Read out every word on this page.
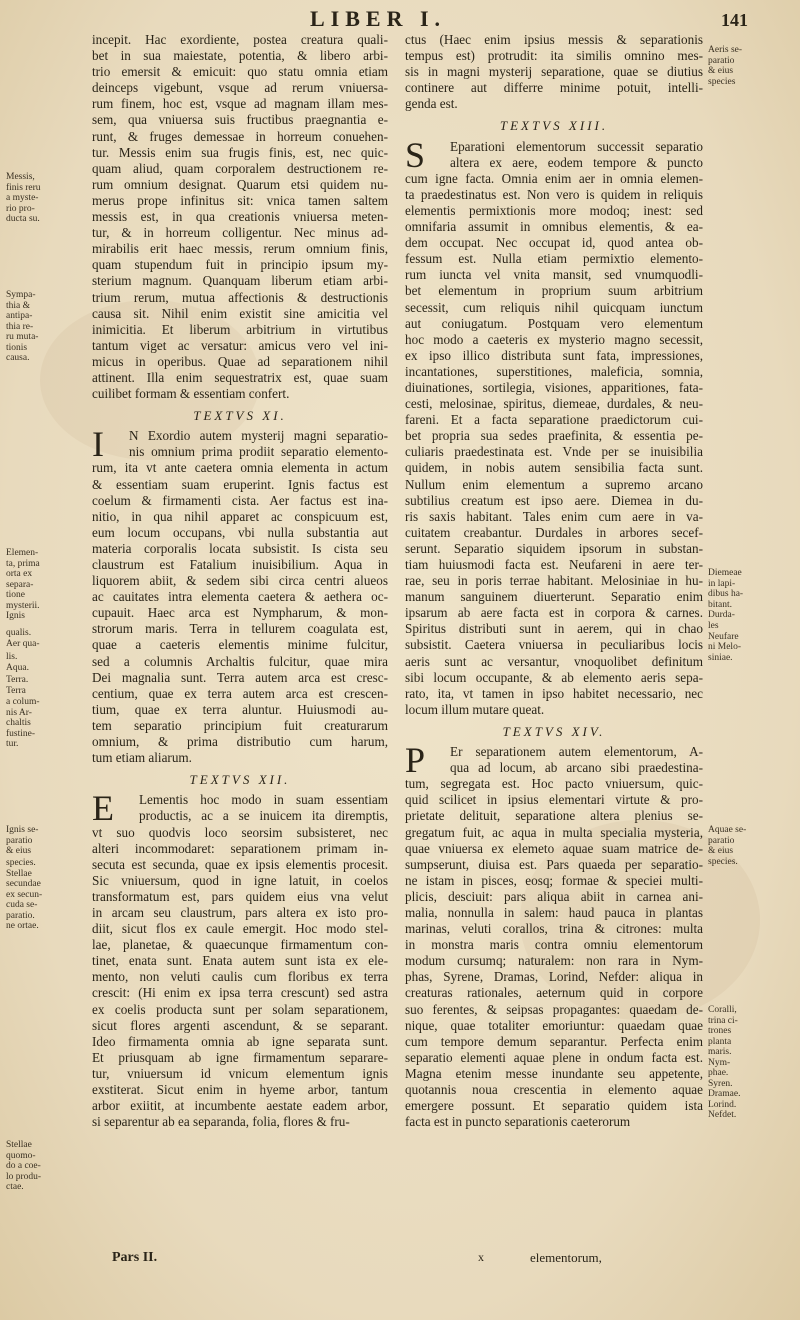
LIBER I.	141
incepit. Hac exordiente, postea creatura quali-
bet in sua maiestate, potentia, & libero arbi-
trio emersit & emicuit: quo statu omnia etiam
deinceps vigebunt, vsque ad rerum vniuersa-
rum finem, hoc est, vsque ad magnam illam mes-
sem, qua vniuersa suis fructibus praegnantia e-
runt, & fruges demessae in horreum conuehen-
tur. Messis enim sua frugis finis, est, nec quic-
quam aliud, quam corporalem destructionem re-
rum omnium designat. Quarum etsi quidem nu-
merus prope infinitus sit: vnica tamen saltem
messis est, in qua creationis vniuersa meten-
tur, & in horreum colligentur. Nec minus ad-
mirabilis erit haec messis, rerum omnium finis,
quam stupendum fuit in principio ipsum my-
sterium magnum. Quanquam liberum etiam arbi-
trium rerum, mutua affectionis & destructionis
causa sit. Nihil enim existit sine amicitia vel
inimicitia. Et liberum arbitrium in virtutibus
tantum viget ac versatur: amicus vero vel ini-
micus in operibus. Quae ad separationem nihil
attinent. Illa enim sequestratrix est, quae suam
cuilibet formam & essentiam confert.
TEXTVS XI.
I	N Exordio autem mysterij magni separatio-
nis omnium prima prodiit separatio elemento-
rum, ita vt ante caetera omnia elementa in actum
& essentiam suam eruperint. Ignis factus est
coelum & firmamenti cista. Aer factus est ina-
nitio, in qua nihil apparet ac conspicuum est,
eum locum occupans, vbi nulla substantia aut
materia corporalis locata subsistit. Is cista seu
claustrum est Fatalium inuisibilium. Aqua in
liquorem abiit, & sedem sibi circa centri alueos
ac cauitates intra elementa caetera & aethera oc-
cupauit. Haec arca est Nympharum, & mon-
strorum maris. Terra in tellurem coagulata est,
quae a caeteris elementis minime fulcitur,
sed a columnis Archaltis fulcitur, quae mira
Dei magnalia sunt. Terra autem arca est cresc-
centium, quae ex terra autem arca est crescen-
tium, quae ex terra aluntur. Huiusmodi au-
tem separatio principium fuit creaturarum
omnium, & prima distributio cum harum,
tum etiam aliarum.
TEXTVS XII.
E	Lementis hoc modo in suam essentiam
productis, ac a se inuicem ita diremptis,
vt suo quodvis loco seorsim subsisteret, nec
alteri incommodaret: separationem primam in-
secuta est secunda, quae ex ipsis elementis procesit.
Sic vniuersum, quod in igne latuit, in coelos
transformatum est, pars quidem eius vna velut
in arcam seu claustrum, pars altera ex isto pro-
diit, sicut flos ex caule emergit. Hoc modo stel-
lae, planetae, & quaecunque firmamentum con-
tinet, enata sunt. Enata autem sunt ista ex ele-
mento, non veluti caulis cum floribus ex terra
crescit: (Hi enim ex ipsa terra crescunt) sed astra
ex coelis producta sunt per solam separationem,
sicut flores argenti ascendunt, & se separant.
Ideo firmamenta omnia ab igne separata sunt.
Et priusquam ab igne firmamentum separare-
tur, vniuersum id vnicum elementum ignis
exstiterat. Sicut enim in hyeme arbor, tantum
arbor exiitit, at incumbente aestate eadem arbor,
si separentur ab ea separanda, folia, flores & fru-
ctus (Haec enim ipsius messis & separationis
tempus est) protrudit: ita similis omnino mes-
sis in magni mysterij separatione, quae se diutius
continere aut differre minime potuit, intelli-
genda est.
TEXTVS XIII.
S	Eparationi elementorum successit separatio
altera ex aere, eodem tempore & puncto
cum igne facta. Omnia enim aer in omnia elemen-
ta praedestinatus est. Non vero is quidem in reliquis
elementis permixtionis more modoq; inest: sed
omnifaria assumit in omnibus elementis, & ea-
dem occupat. Nec occupat id, quod antea ob-
fessum est. Nulla etiam permixtio elemento-
rum iuncta vel vnita mansit, sed vnumquodli-
bet elementum in proprium suum arbitrium
secessit, cum reliquis nihil quicquam iunctum
aut coniugatum. Postquam vero elementum
hoc modo a caeteris ex mysterio magno secessit,
ex ipso illico distributa sunt fata, impressiones,
incantationes, superstitiones, maleficia, somnia,
diuinationes, sortilegia, visiones, apparitiones, fata-
cesti, melosinae, spiritus, diemeae, durdales, & neu-
fareni. Et a facta separatione praedictorum cui-
bet propria sua sedes praefinita, & essentia pe-
culiaris praedestinata est. Vnde per se inuisibilia
quidem, in nobis autem sensibilia facta sunt.
Nullum enim elementum a supremo arcano
subtilius creatum est ipso aere. Diemea in du-
ris saxis habitant. Tales enim cum aere in va-
cuitatem creabantur. Durdales in arbores secef-
serunt. Separatio siquidem ipsorum in substan-
tiam huiusmodi facta est. Neufareni in aere ter-
rae, seu in poris terrae habitant. Melosiniae in hu-
manum sanguinem diuerterunt. Separatio enim
ipsarum ab aere facta est in corpora & carnes.
Spiritus distributi sunt in aerem, qui in chao
subsistit. Caetera vniuersa in peculiaribus locis
aeris sunt ac versantur, vnoquolibet definitum
sibi locum occupante, & ab elemento aeris sepa-
rato, ita, vt tamen in ipso habitet necessario, nec
locum illum mutare queat.
TEXTVS XIV.
P	Er separationem autem elementorum, A-
qua ad locum, ab arcano sibi praedestina-
tum, segregata est. Hoc pacto vniuersum, quic-
quid scilicet in ipsius elementari virtute & pro-
prietate delituit, separatione altera plenius se-
gregatum fuit, ac aqua in multa specialia mysteria,
quae vniuersa ex elemeto aquae suam matrice de-
sumpserunt, diuisa est. Pars quaeda per separatio-
ne istam in pisces, eosq; formae & speciei multi-
plicis, desciuit: pars aliqua abiit in carnea ani-
malia, nonnulla in salem: haud pauca in plantas
marinas, veluti corallos, trina & citrones: multa
in monstra maris contra omniu elementorum
modum cursumq; naturalem: non rara in Nym-
phas, Syrene, Dramas, Lorind, Nefder: aliqua in
creaturas rationales, aeternum quid in corpore
suo ferentes, & seipsas propagantes: quaedam de-
nique, quae totaliter emoriuntur: quaedam quae
cum tempore demum separantur. Perfecta enim
separatio elementi aquae plene in ondum facta est.
Magna etenim messe inundante seu appetente,
quotannis noua crescentia in elemento aquae
emergere possunt. Et separatio quidem ista
facta est in puncto separationis caeterorum
Messis,
finis reru
a myste-
rio pro-
ducta su.
Sympa-
thia &
antipa-
thia re-
ru muta-
tionis
causa.
Elemen-
ta, prima
orta ex
separa-
tione
mysterii.
Ignis
qualis.
Aer qua-
lis.
Aqua.
Terra.
Terra
a colum-
nis Ar-
chaltis
fustine-
tur.
Ignis se-
paratio
& eius
species.
Stellae
secundae
ex secun-
cuda se-
paratio.
ne ortae.
Stellae
quomo-
do a coe-
lo produ-
ctae.
Aeris se-
paratio
& eius
species
Diemeae
in lapi-
dibus ha-
bitant.
Durda-
les
Neufare
ni Melo-
siniae.
Aquae se-
paratio
& eius
species.
Coralli,
trina ci-
trones
planta
maris.
Nym-
phae.
Syren.
Dramae.
Lorind.
Nefdet.
Pars II.	x	elementorum,
